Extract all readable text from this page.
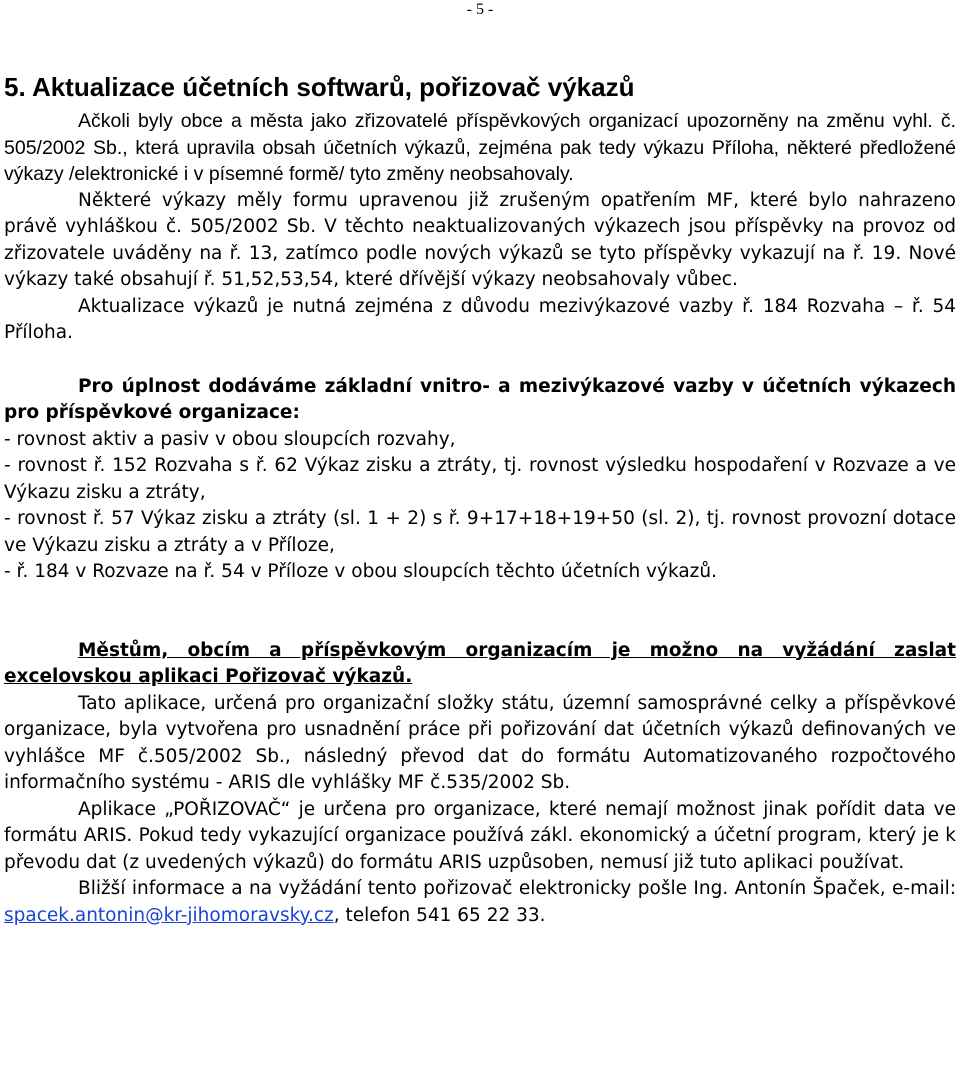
- 5 -
5. Aktualizace účetních softwarů, pořizovač výkazů

Ačkoli byly obce a města jako zřizovatelé příspěvkových organizací upozorněny na změnu vyhl. č. 505/2002 Sb., která upravila obsah účetních výkazů, zejména pak tedy výkazu Příloha, některé předložené výkazy /elektronické i v písemné formě/ tyto změny neobsahovaly.

Některé výkazy měly formu upravenou již zrušeným opatřením MF, které bylo nahrazeno právě vyhláškou č. 505/2002 Sb. V těchto neaktualizovaných výkazech jsou příspěvky na provoz od zřizovatele uváděny na ř. 13, zatímco podle nových výkazů se tyto příspěvky vykazují na ř. 19. Nové výkazy také obsahují ř. 51,52,53,54, které dřívější výkazy neobsahovaly vůbec.

Aktualizace výkazů je nutná zejména z důvodu mezivýkazové vazby ř. 184 Rozvaha – ř. 54 Příloha.

Pro úplnost dodáváme základní vnitro- a mezivýkazové vazby v účetních výkazech pro příspěvkové organizace:

- rovnost aktiv a pasiv v obou sloupcích rozvahy,

- rovnost ř. 152 Rozvaha s ř. 62 Výkaz zisku a ztráty, tj. rovnost výsledku hospodaření v Rozvaze a ve Výkazu zisku a ztráty,

- rovnost ř. 57 Výkaz zisku a ztráty (sl. 1 + 2) s ř. 9+17+18+19+50 (sl. 2), tj. rovnost provozní dotace ve Výkazu zisku a ztráty a v Příloze,

- ř. 184 v Rozvaze na ř. 54 v Příloze v obou sloupcích těchto účetních výkazů.

Městům, obcím a příspěvkovým organizacím je možno na vyžádání zaslat excelovskou aplikaci Pořizovač výkazů.

Tato aplikace, určená pro organizační složky státu, územní samosprávné celky a příspěvkové organizace, byla vytvořena pro usnadnění práce při pořizování dat účetních výkazů definovaných ve vyhlášce MF č.505/2002 Sb., následný převod dat do formátu Automatizovaného rozpočtového informačního systému - ARIS dle vyhlášky MF č.535/2002 Sb.

Aplikace „POŘIZOVAČ“ je určena pro organizace, které nemají možnost jinak pořídit data ve formátu ARIS. Pokud tedy vykazující organizace používá zákl. ekonomický a účetní program, který je k převodu dat (z uvedených výkazů) do formátu ARIS uzpůsoben, nemusí již tuto aplikaci používat.

Bližší informace a na vyžádání tento pořizovač elektronicky pošle Ing. Antonín Špaček, e-mail: spacek.antonin@kr-jihomoravsky.cz, telefon 541 65 22 33.
